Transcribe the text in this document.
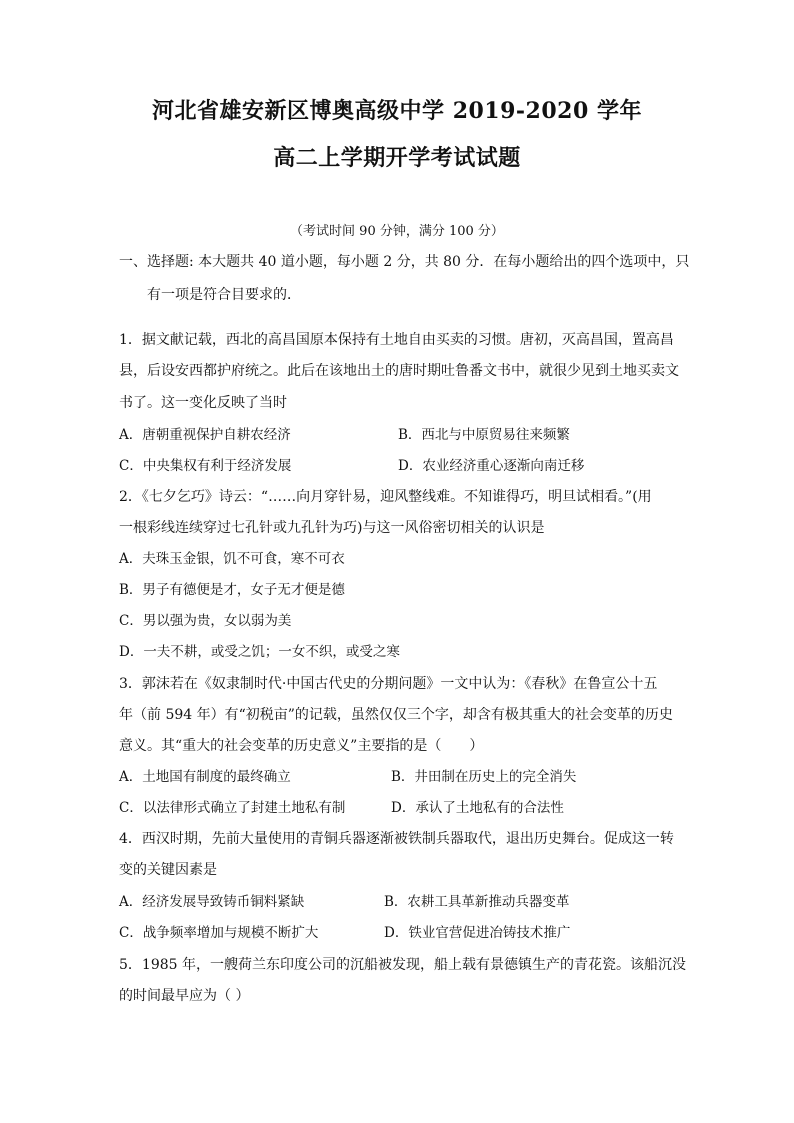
河北省雄安新区博奥高级中学 2019-2020 学年
高二上学期开学考试试题
（考试时间 90 分钟，满分 100 分）
一、选择题: 本大题共 40 道小题，每小题 2 分，共 80 分．在每小题给出的四个选项中，只
有一项是符合目要求的．
1．据文献记载，西北的高昌国原本保持有土地自由买卖的习惯。唐初，灭高昌国，置高昌
县，后设安西都护府统之。此后在该地出土的唐时期吐鲁番文书中，就很少见到土地买卖文
书了。这一变化反映了当时
A．唐朝重视保护自耕农经济	B．西北与中原贸易往来频繁
C．中央集权有利于经济发展	D．农业经济重心逐渐向南迁移
2．《七夕乞巧》诗云：“……向月穿针易，迎风整线难。不知谁得巧，明旦试相看。”(用
一根彩线连续穿过七孔针或九孔针为巧)与这一风俗密切相关的认识是
A．夫珠玉金银，饥不可食，寒不可衣
B．男子有德便是才，女子无才便是德
C．男以强为贵，女以弱为美
D．一夫不耕，或受之饥；一女不织，或受之寒
3．郭沫若在《奴隶制时代·中国古代史的分期问题》一文中认为：《春秋》在鲁宣公十五
年（前 594 年）有“初税亩”的记载，虽然仅仅三个字，却含有极其重大的社会变革的历史
意义。其“重大的社会变革的历史意义”主要指的是（　　）
A．土地国有制度的最终确立	B．井田制在历史上的完全消失
C．以法律形式确立了封建土地私有制	D．承认了土地私有的合法性
4．西汉时期，先前大量使用的青铜兵器逐渐被铁制兵器取代，退出历史舞台。促成这一转
变的关键因素是
A．经济发展导致铸币铜料紧缺	B．农耕工具革新推动兵器变革
C．战争频率增加与规模不断扩大	D．铁业官营促进冶铸技术推广
5．1985 年，一艘荷兰东印度公司的沉船被发现，船上载有景德镇生产的青花瓷。该船沉没
的时间最早应为（ ）
